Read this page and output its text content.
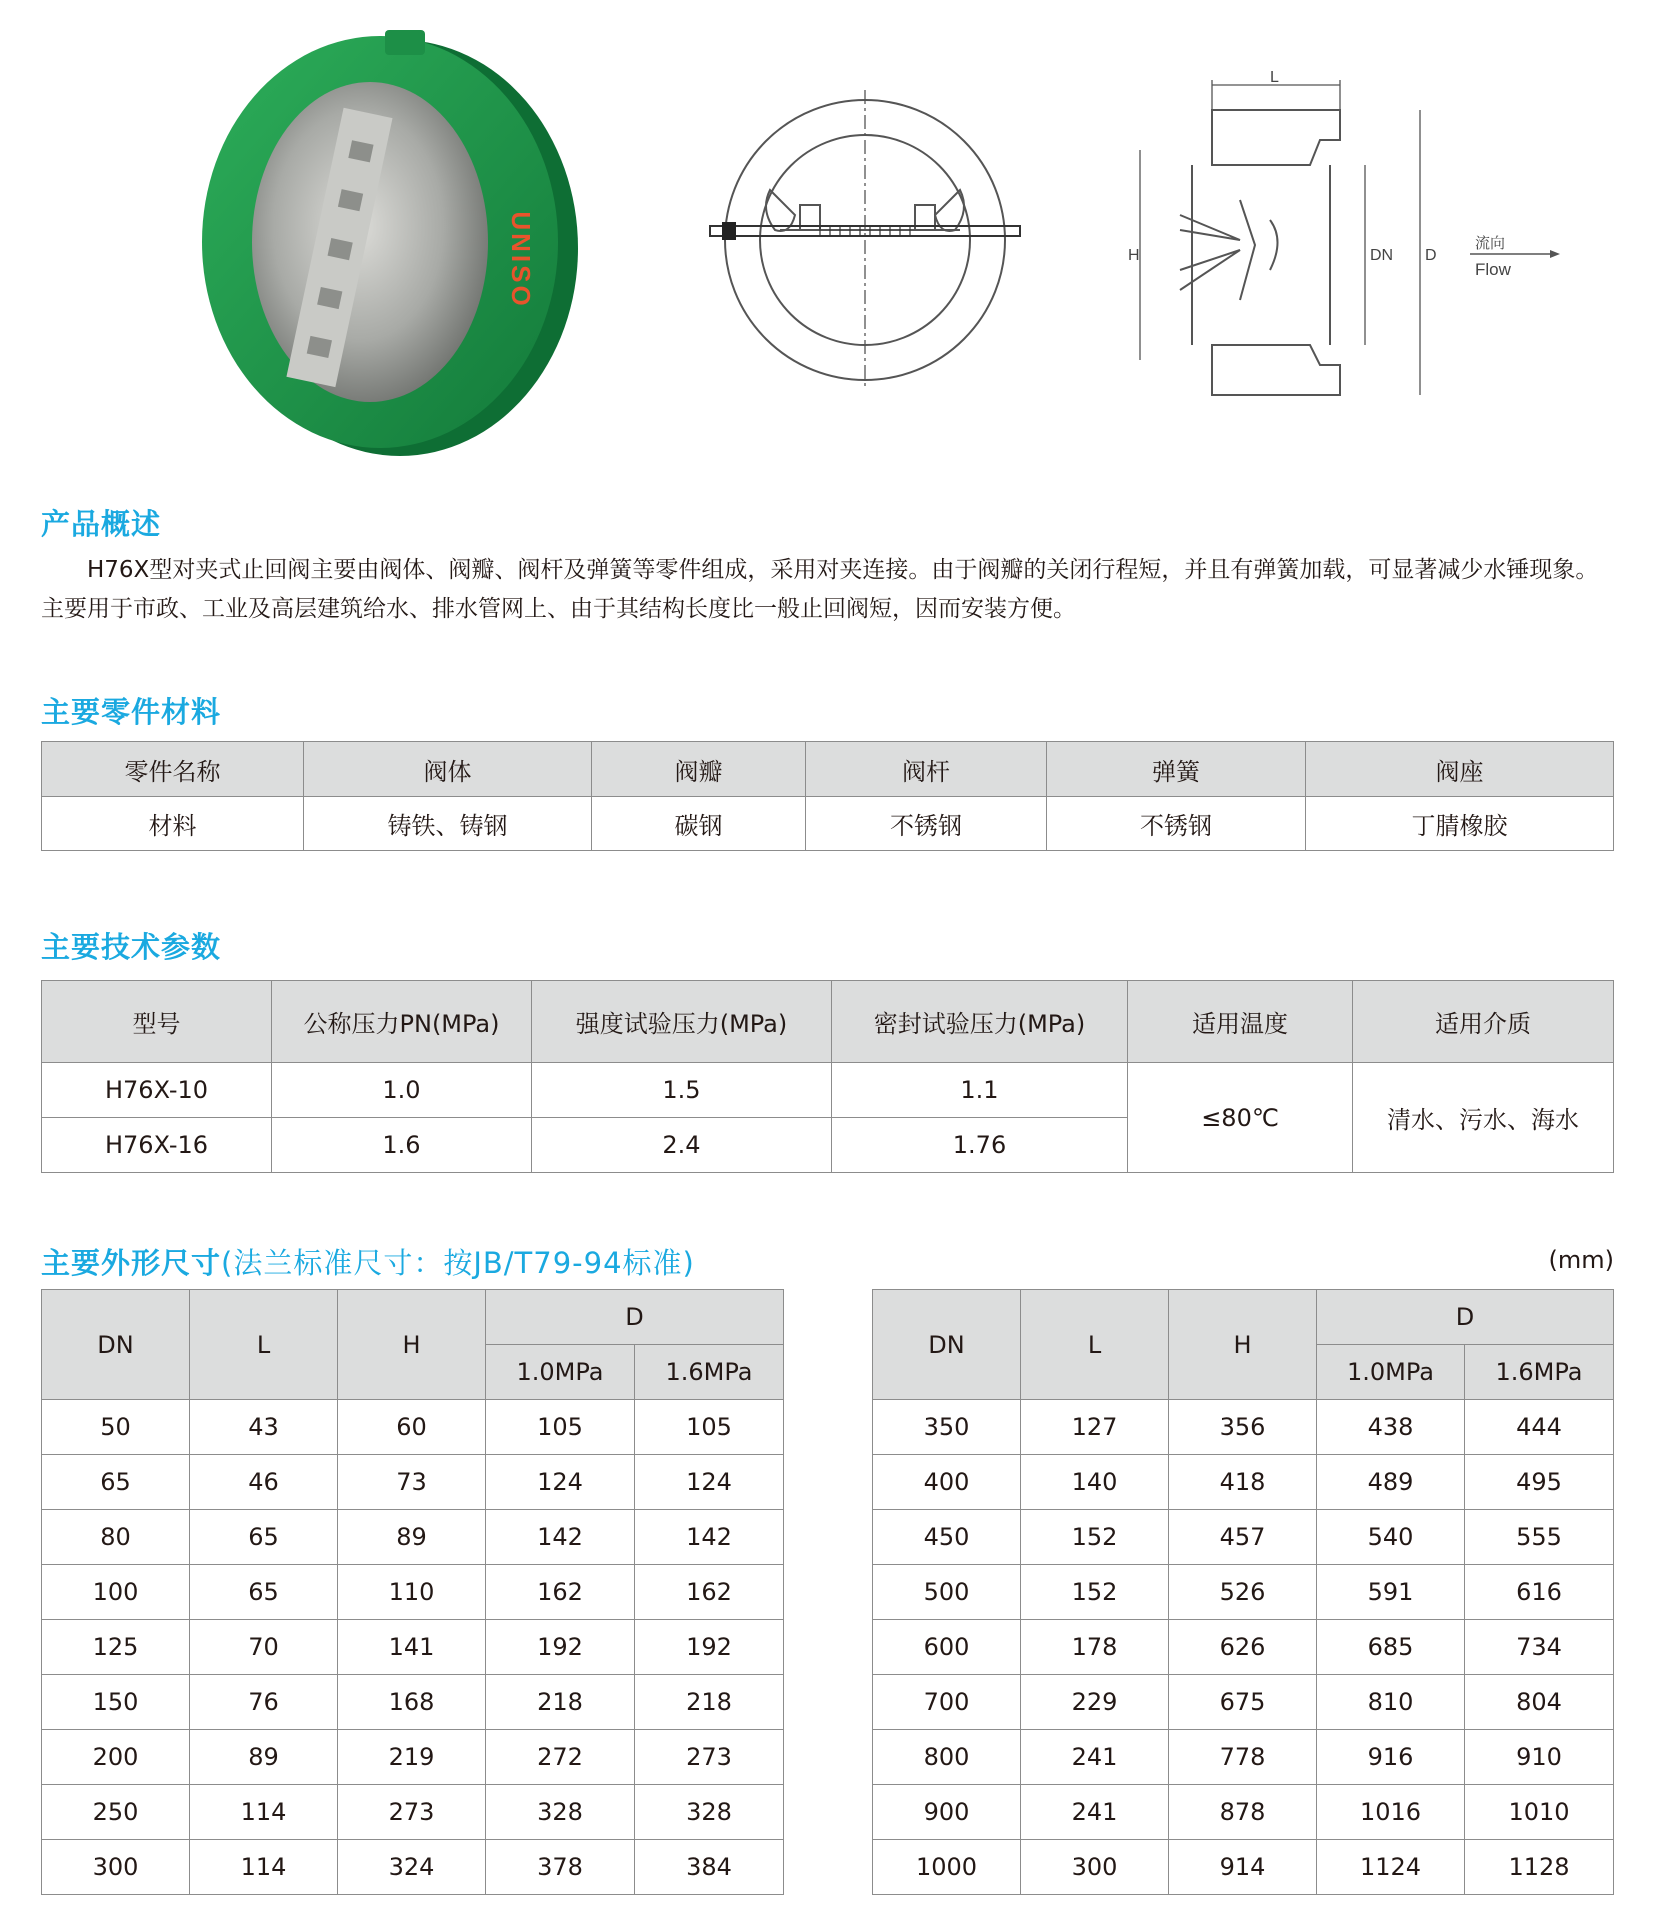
UNISO
L
H	DN D
流向
Flow
产品概述
H76X型对夹式止回阀主要由阀体、阀瓣、阀杆及弹簧等零件组成，采用对夹连接。由于阀瓣的关闭行程短，并且有弹簧加载，可显著减少水锤现象。主要用于市政、工业及高层建筑给水、排水管网上、由于其结构长度比一般止回阀短，因而安装方便。
主要零件材料
零件名称	阀体	阀瓣	阀杆	弹簧	阀座
材料	铸铁、铸钢	碳钢	不锈钢	不锈钢	丁腈橡胶
主要技术参数
型号	公称压力PN(MPa)	强度试验压力(MPa)	密封试验压力(MPa)	适用温度	适用介质
H76X-10	1.0	1.5	1.1	≤80℃	清水、污水、海水
H76X-16	1.6	2.4	1.76		
主要外形尺寸(法兰标准尺寸：按JB/T79-94标准)	(mm)
DN	L	H	D	
			1.0MPa	1.6MPa
50	43	60	105	105
65	46	73	124	124
80	65	89	142	142
100	65	110	162	162
125	70	141	192	192
150	76	168	218	218
200	89	219	272	273
250	114	273	328	328
300	114	324	378	384
DN	L	H	D	
			1.0MPa	1.6MPa
350	127	356	438	444
400	140	418	489	495
450	152	457	540	555
500	152	526	591	616
600	178	626	685	734
700	229	675	810	804
800	241	778	916	910
900	241	878	1016	1010
1000	300	914	1124	1128
